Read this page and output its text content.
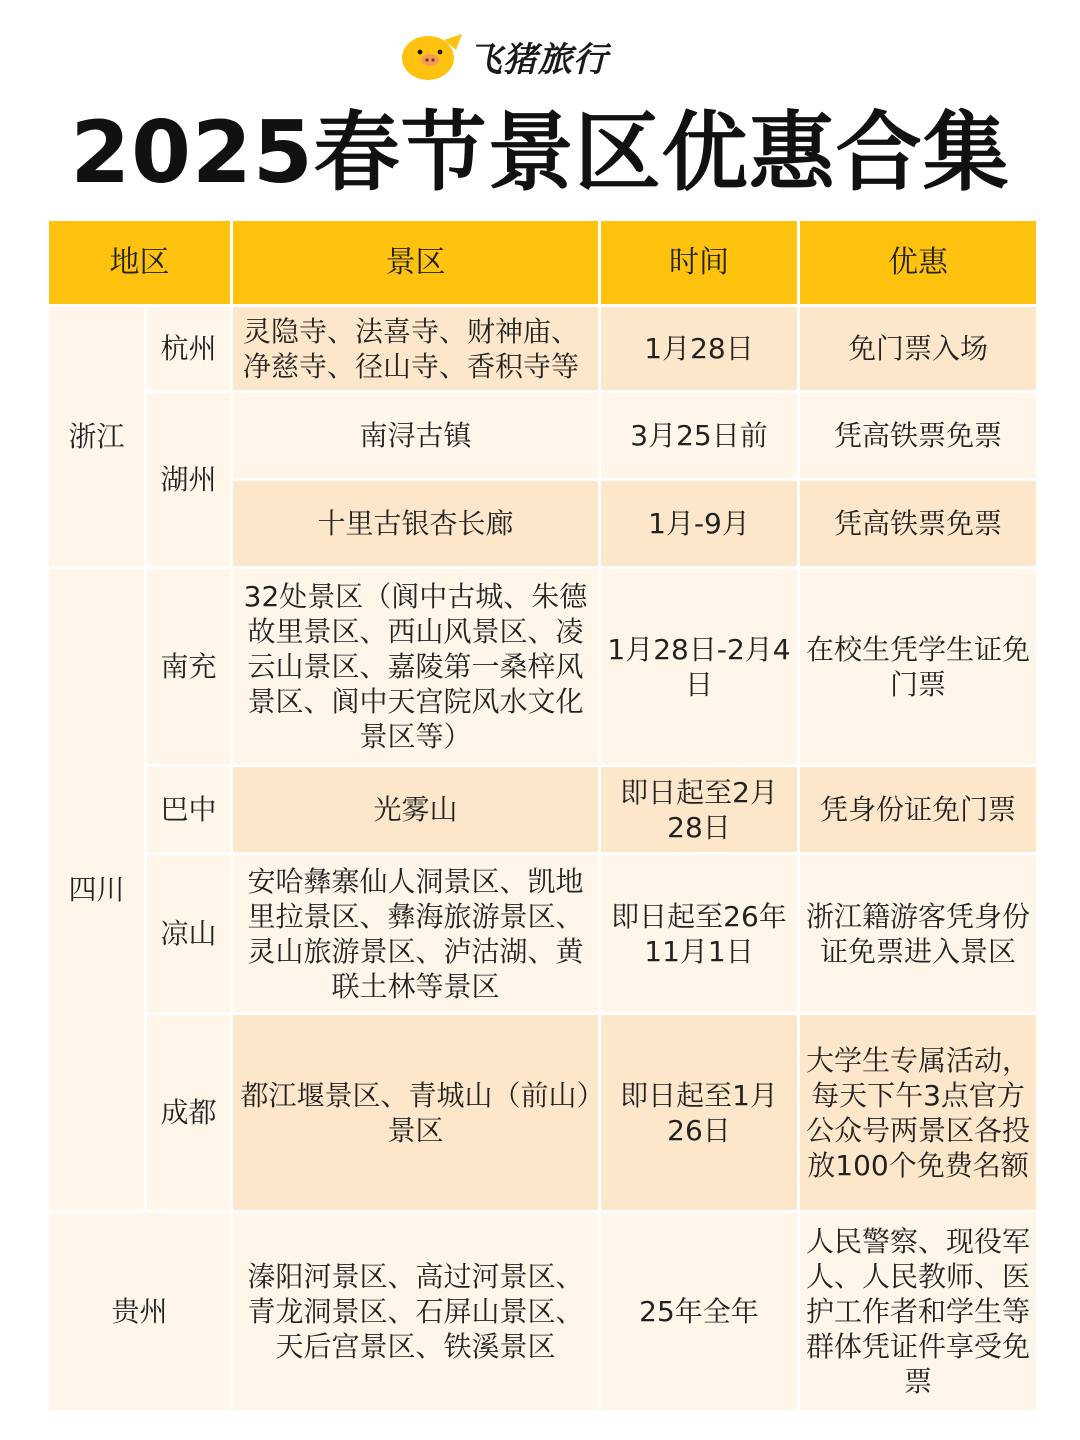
飞猪旅行
2025春节景区优惠合集
地区		景区	时间	优惠
浙江	杭州	灵隐寺、法喜寺、财神庙、净慈寺、径山寺、香积寺等	1月28日	免门票入场
	湖州	南浔古镇	3月25日前	凭高铁票免票
		十里古银杏长廊	1月-9月	凭高铁票免票
四川	南充	32处景区（阆中古城、朱德故里景区、西山风景区、凌云山景区、嘉陵第一桑梓风景区、阆中天宫院风水文化景区等）	1月28日-2月4日	在校生凭学生证免门票
	巴中	光雾山	即日起至2月28日	凭身份证免门票
	凉山	安哈彝寨仙人洞景区、凯地里拉景区、彝海旅游景区、灵山旅游景区、泸沽湖、黄联土林等景区	即日起至26年11月1日	浙江籍游客凭身份证免票进入景区
	成都	都江堰景区、青城山（前山）景区	即日起至1月26日	大学生专属活动，每天下午3点官方公众号两景区各投放100个免费名额
贵州		溱阳河景区、高过河景区、青龙洞景区、石屏山景区、天后宫景区、铁溪景区	25年全年	人民警察、现役军人、人民教师、医护工作者和学生等群体凭证件享受免票
